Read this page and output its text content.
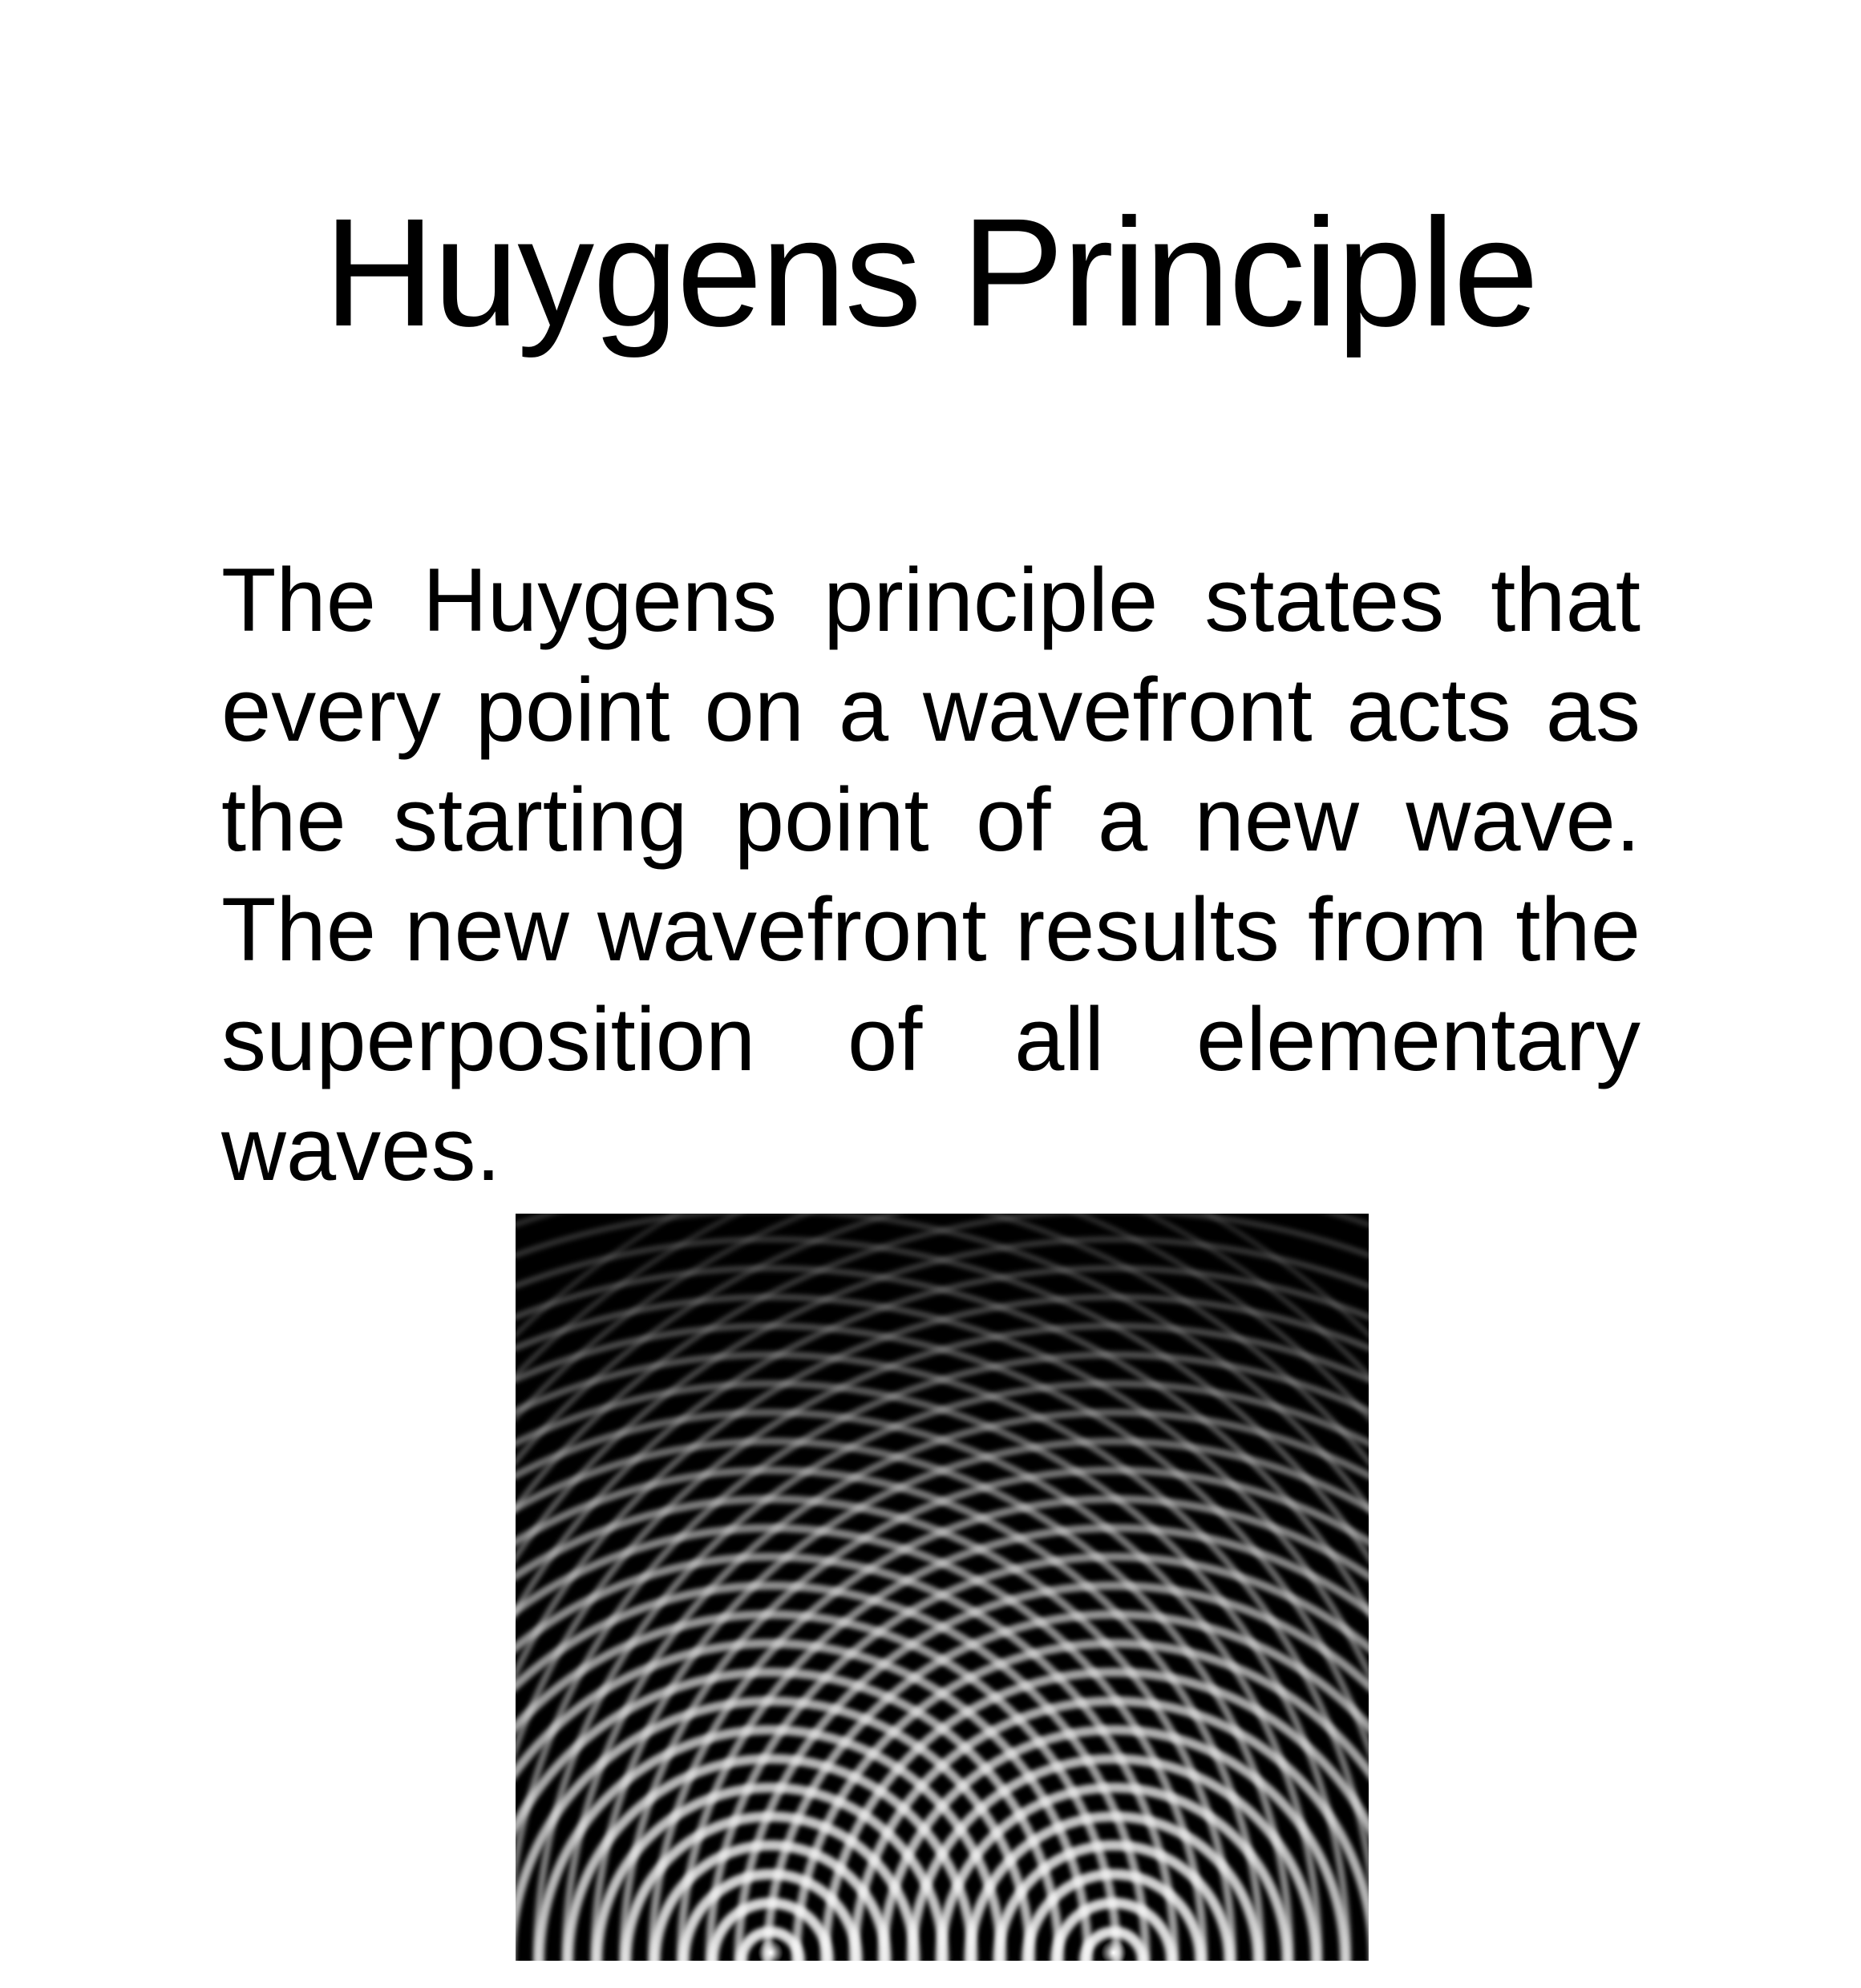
Huygens Principle
The Huygens principle states that every point on a wavefront acts as the starting point of a new wave. The new wavefront results from the superposition of all elementary waves.
